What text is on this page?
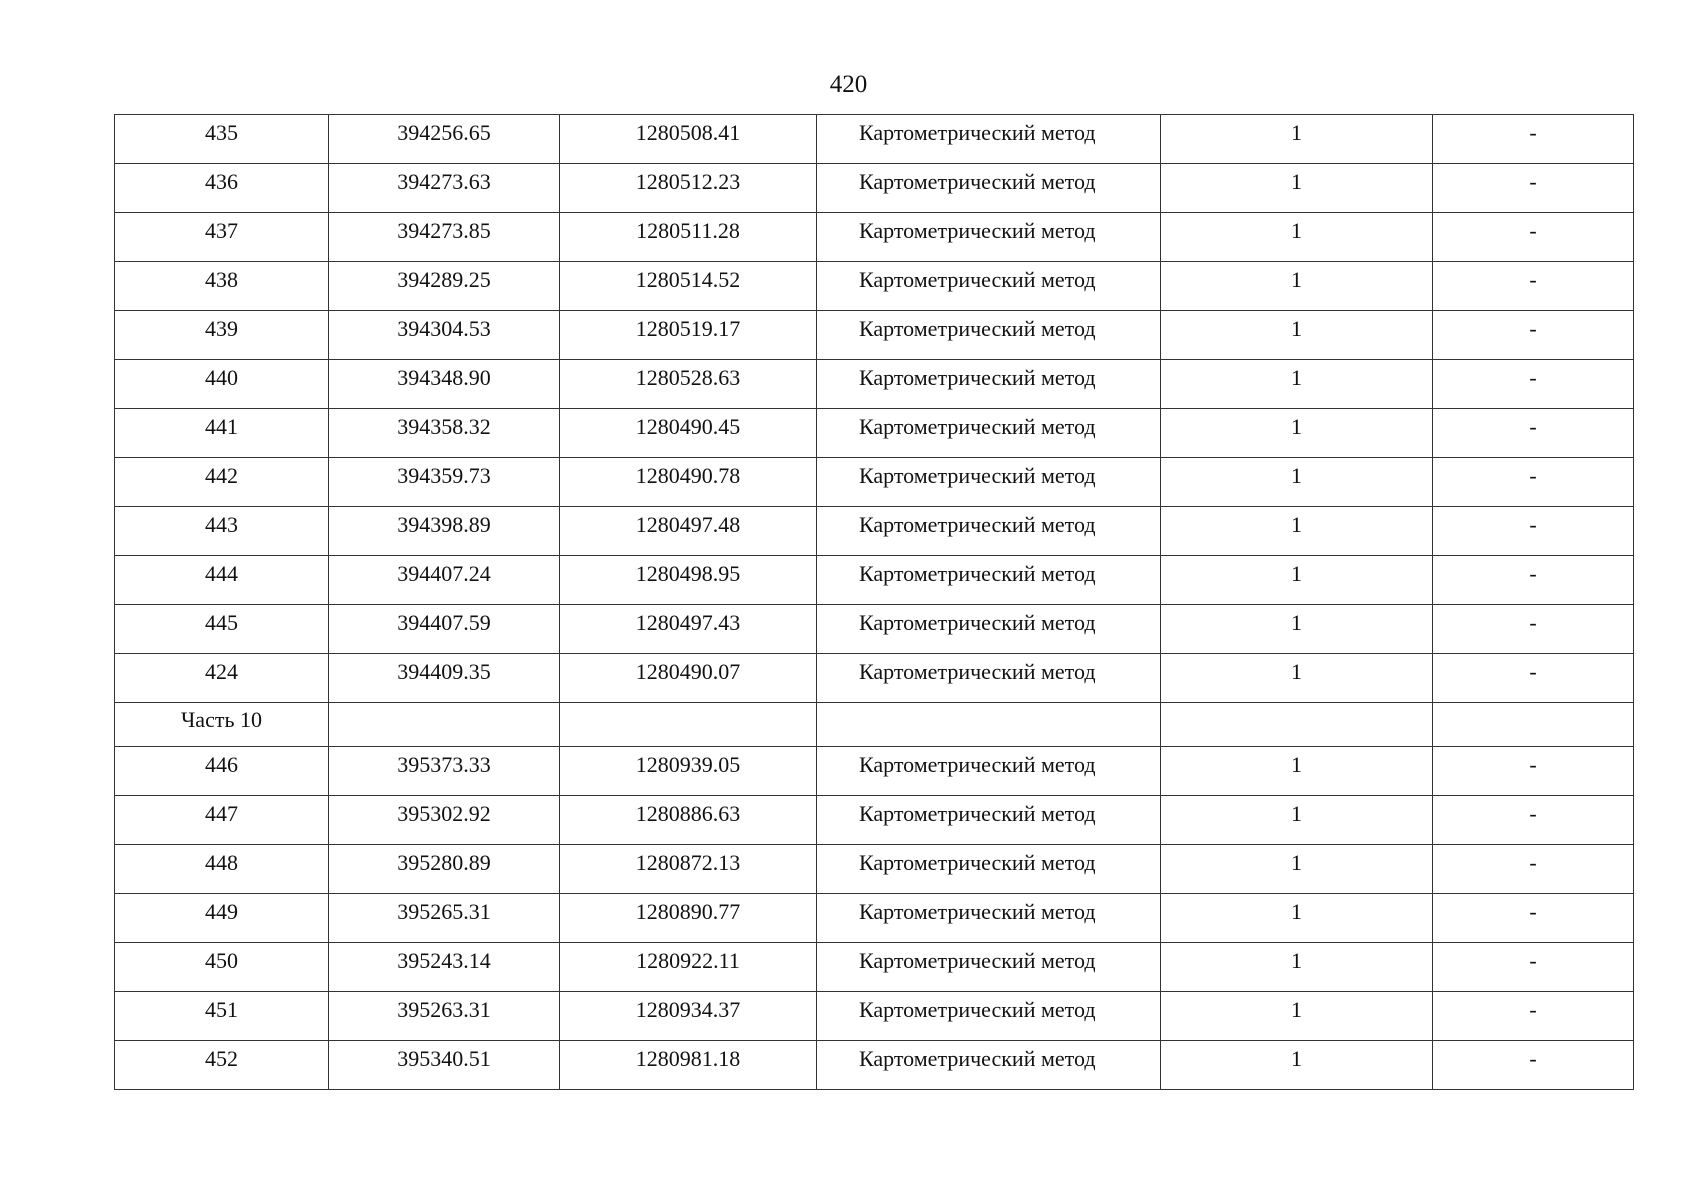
420
435	394256.65	1280508.41	Картометрический метод	1	-
436	394273.63	1280512.23	Картометрический метод	1	-
437	394273.85	1280511.28	Картометрический метод	1	-
438	394289.25	1280514.52	Картометрический метод	1	-
439	394304.53	1280519.17	Картометрический метод	1	-
440	394348.90	1280528.63	Картометрический метод	1	-
441	394358.32	1280490.45	Картометрический метод	1	-
442	394359.73	1280490.78	Картометрический метод	1	-
443	394398.89	1280497.48	Картометрический метод	1	-
444	394407.24	1280498.95	Картометрический метод	1	-
445	394407.59	1280497.43	Картометрический метод	1	-
424	394409.35	1280490.07	Картометрический метод	1	-
Часть 10					
446	395373.33	1280939.05	Картометрический метод	1	-
447	395302.92	1280886.63	Картометрический метод	1	-
448	395280.89	1280872.13	Картометрический метод	1	-
449	395265.31	1280890.77	Картометрический метод	1	-
450	395243.14	1280922.11	Картометрический метод	1	-
451	395263.31	1280934.37	Картометрический метод	1	-
452	395340.51	1280981.18	Картометрический метод	1	-
